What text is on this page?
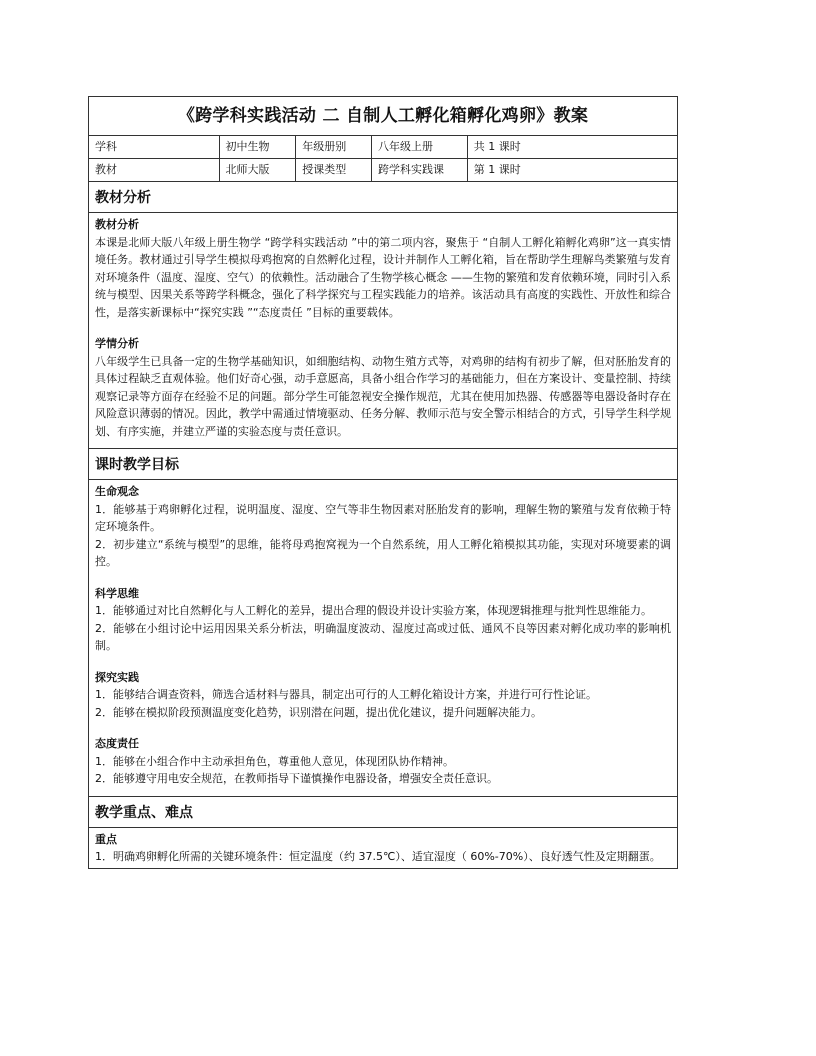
《跨学科实践活动 二 自制人工孵化箱孵化鸡卵》教案
学科	初中生物	年级册别	八年级上册	共 1 课时
教材	北师大版	授课类型	跨学科实践课	第 1 课时
教材分析
教材分析

本课是北师大版八年级上册生物学 “跨学科实践活动 ”中的第二项内容，聚焦于 “自制人工孵化箱孵化鸡卵”这一真实情境任务。教材通过引导学生模拟母鸡抱窝的自然孵化过程，设计并制作人工孵化箱，旨在帮助学生理解鸟类繁殖与发育对环境条件（温度、湿度、空气）的依赖性。活动融合了生物学核心概念 ——生物的繁殖和发育依赖环境，同时引入系统与模型、因果关系等跨学科概念，强化了科学探究与工程实践能力的培养。该活动具有高度的实践性、开放性和综合性，是落实新课标中“探究实践 ”“态度责任 ”目标的重要载体。

学情分析

八年级学生已具备一定的生物学基础知识，如细胞结构、动物生殖方式等，对鸡卵的结构有初步了解，但对胚胎发育的具体过程缺乏直观体验。他们好奇心强，动手意愿高，具备小组合作学习的基础能力，但在方案设计、变量控制、持续观察记录等方面存在经验不足的问题。部分学生可能忽视安全操作规范，尤其在使用加热器、传感器等电器设备时存在风险意识薄弱的情况。因此，教学中需通过情境驱动、任务分解、教师示范与安全警示相结合的方式，引导学生科学规划、有序实施，并建立严谨的实验态度与责任意识。

课时教学目标
生命观念

1．能够基于鸡卵孵化过程，说明温度、湿度、空气等非生物因素对胚胎发育的影响，理解生物的繁殖与发育依赖于特定环境条件。

2．初步建立“系统与模型”的思维，能将母鸡抱窝视为一个自然系统，用人工孵化箱模拟其功能，实现对环境要素的调控。

科学思维

1．能够通过对比自然孵化与人工孵化的差异，提出合理的假设并设计实验方案，体现逻辑推理与批判性思维能力。

2．能够在小组讨论中运用因果关系分析法，明确温度波动、湿度过高或过低、通风不良等因素对孵化成功率的影响机制。

探究实践

1．能够结合调查资料，筛选合适材料与器具，制定出可行的人工孵化箱设计方案，并进行可行性论证。

2．能够在模拟阶段预测温度变化趋势，识别潜在问题，提出优化建议，提升问题解决能力。

态度责任

1．能够在小组合作中主动承担角色，尊重他人意见，体现团队协作精神。

2．能够遵守用电安全规范，在教师指导下谨慎操作电器设备，增强安全责任意识。

教学重点、难点
重点

1．明确鸡卵孵化所需的关键环境条件：恒定温度（约 37.5℃）、适宜湿度（ 60%-70%）、良好透气性及定期翻蛋。
